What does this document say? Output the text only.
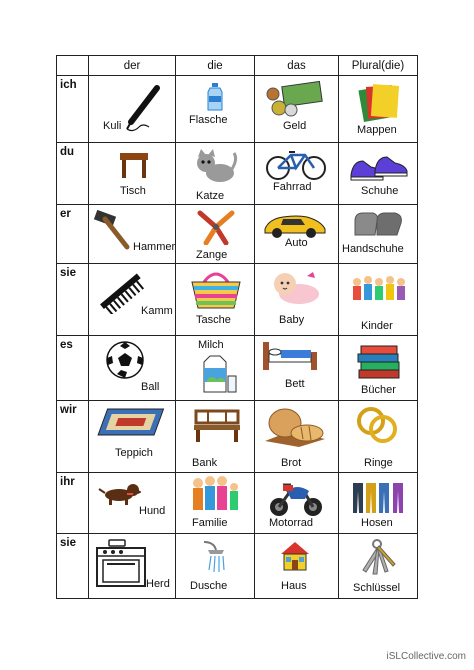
	der	die	das	Plural(die)

ich	Kuli	Flasche	Geld	Mappen

du	Tisch	Katze	Fahrrad	Schuhe

er	Hammer	Zange	Auto	Handschuhe

sie	Kamm	Tasche	Baby	Kinder

es	Ball	Milch	Bett	Bücher

wir	Teppich	Bank	Brot	Ringe

ihr	Hund	Familie	Motorrad	Hosen

sie	Herd	Dusche	Haus	Schlüssel
iSLCollective.com
